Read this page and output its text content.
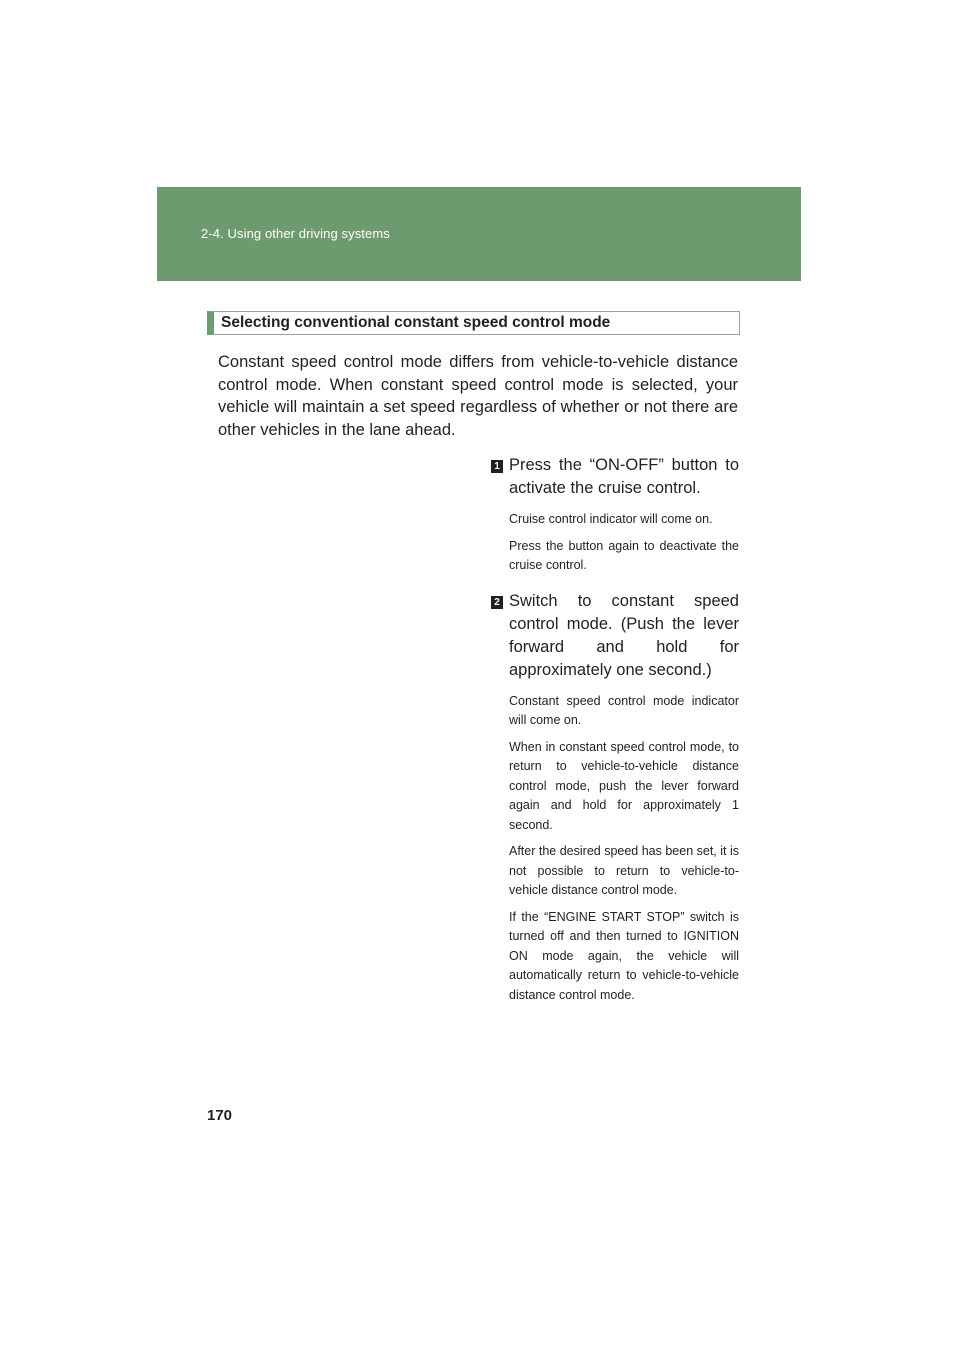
2-4. Using other driving systems
Selecting conventional constant speed control mode

Constant speed control mode differs from vehicle-to-vehicle distance control mode. When constant speed control mode is selected, your vehicle will maintain a set speed regardless of whether or not there are other vehicles in the lane ahead.

1 Press the “ON-OFF” button to activate the cruise control.

Cruise control indicator will come on.

Press the button again to deactivate the cruise control.

2 Switch to constant speed control mode. (Push the lever forward and hold for approximately one second.)

Constant speed control mode indicator will come on.

When in constant speed control mode, to return to vehicle-to-vehicle distance control mode, push the lever forward again and hold for approximately 1 second.

After the desired speed has been set, it is not possible to return to vehicle-to-vehicle distance control mode.

If the “ENGINE START STOP” switch is turned off and then turned to IGNITION ON mode again, the vehicle will automatically return to vehicle-to-vehicle distance control mode.

170
